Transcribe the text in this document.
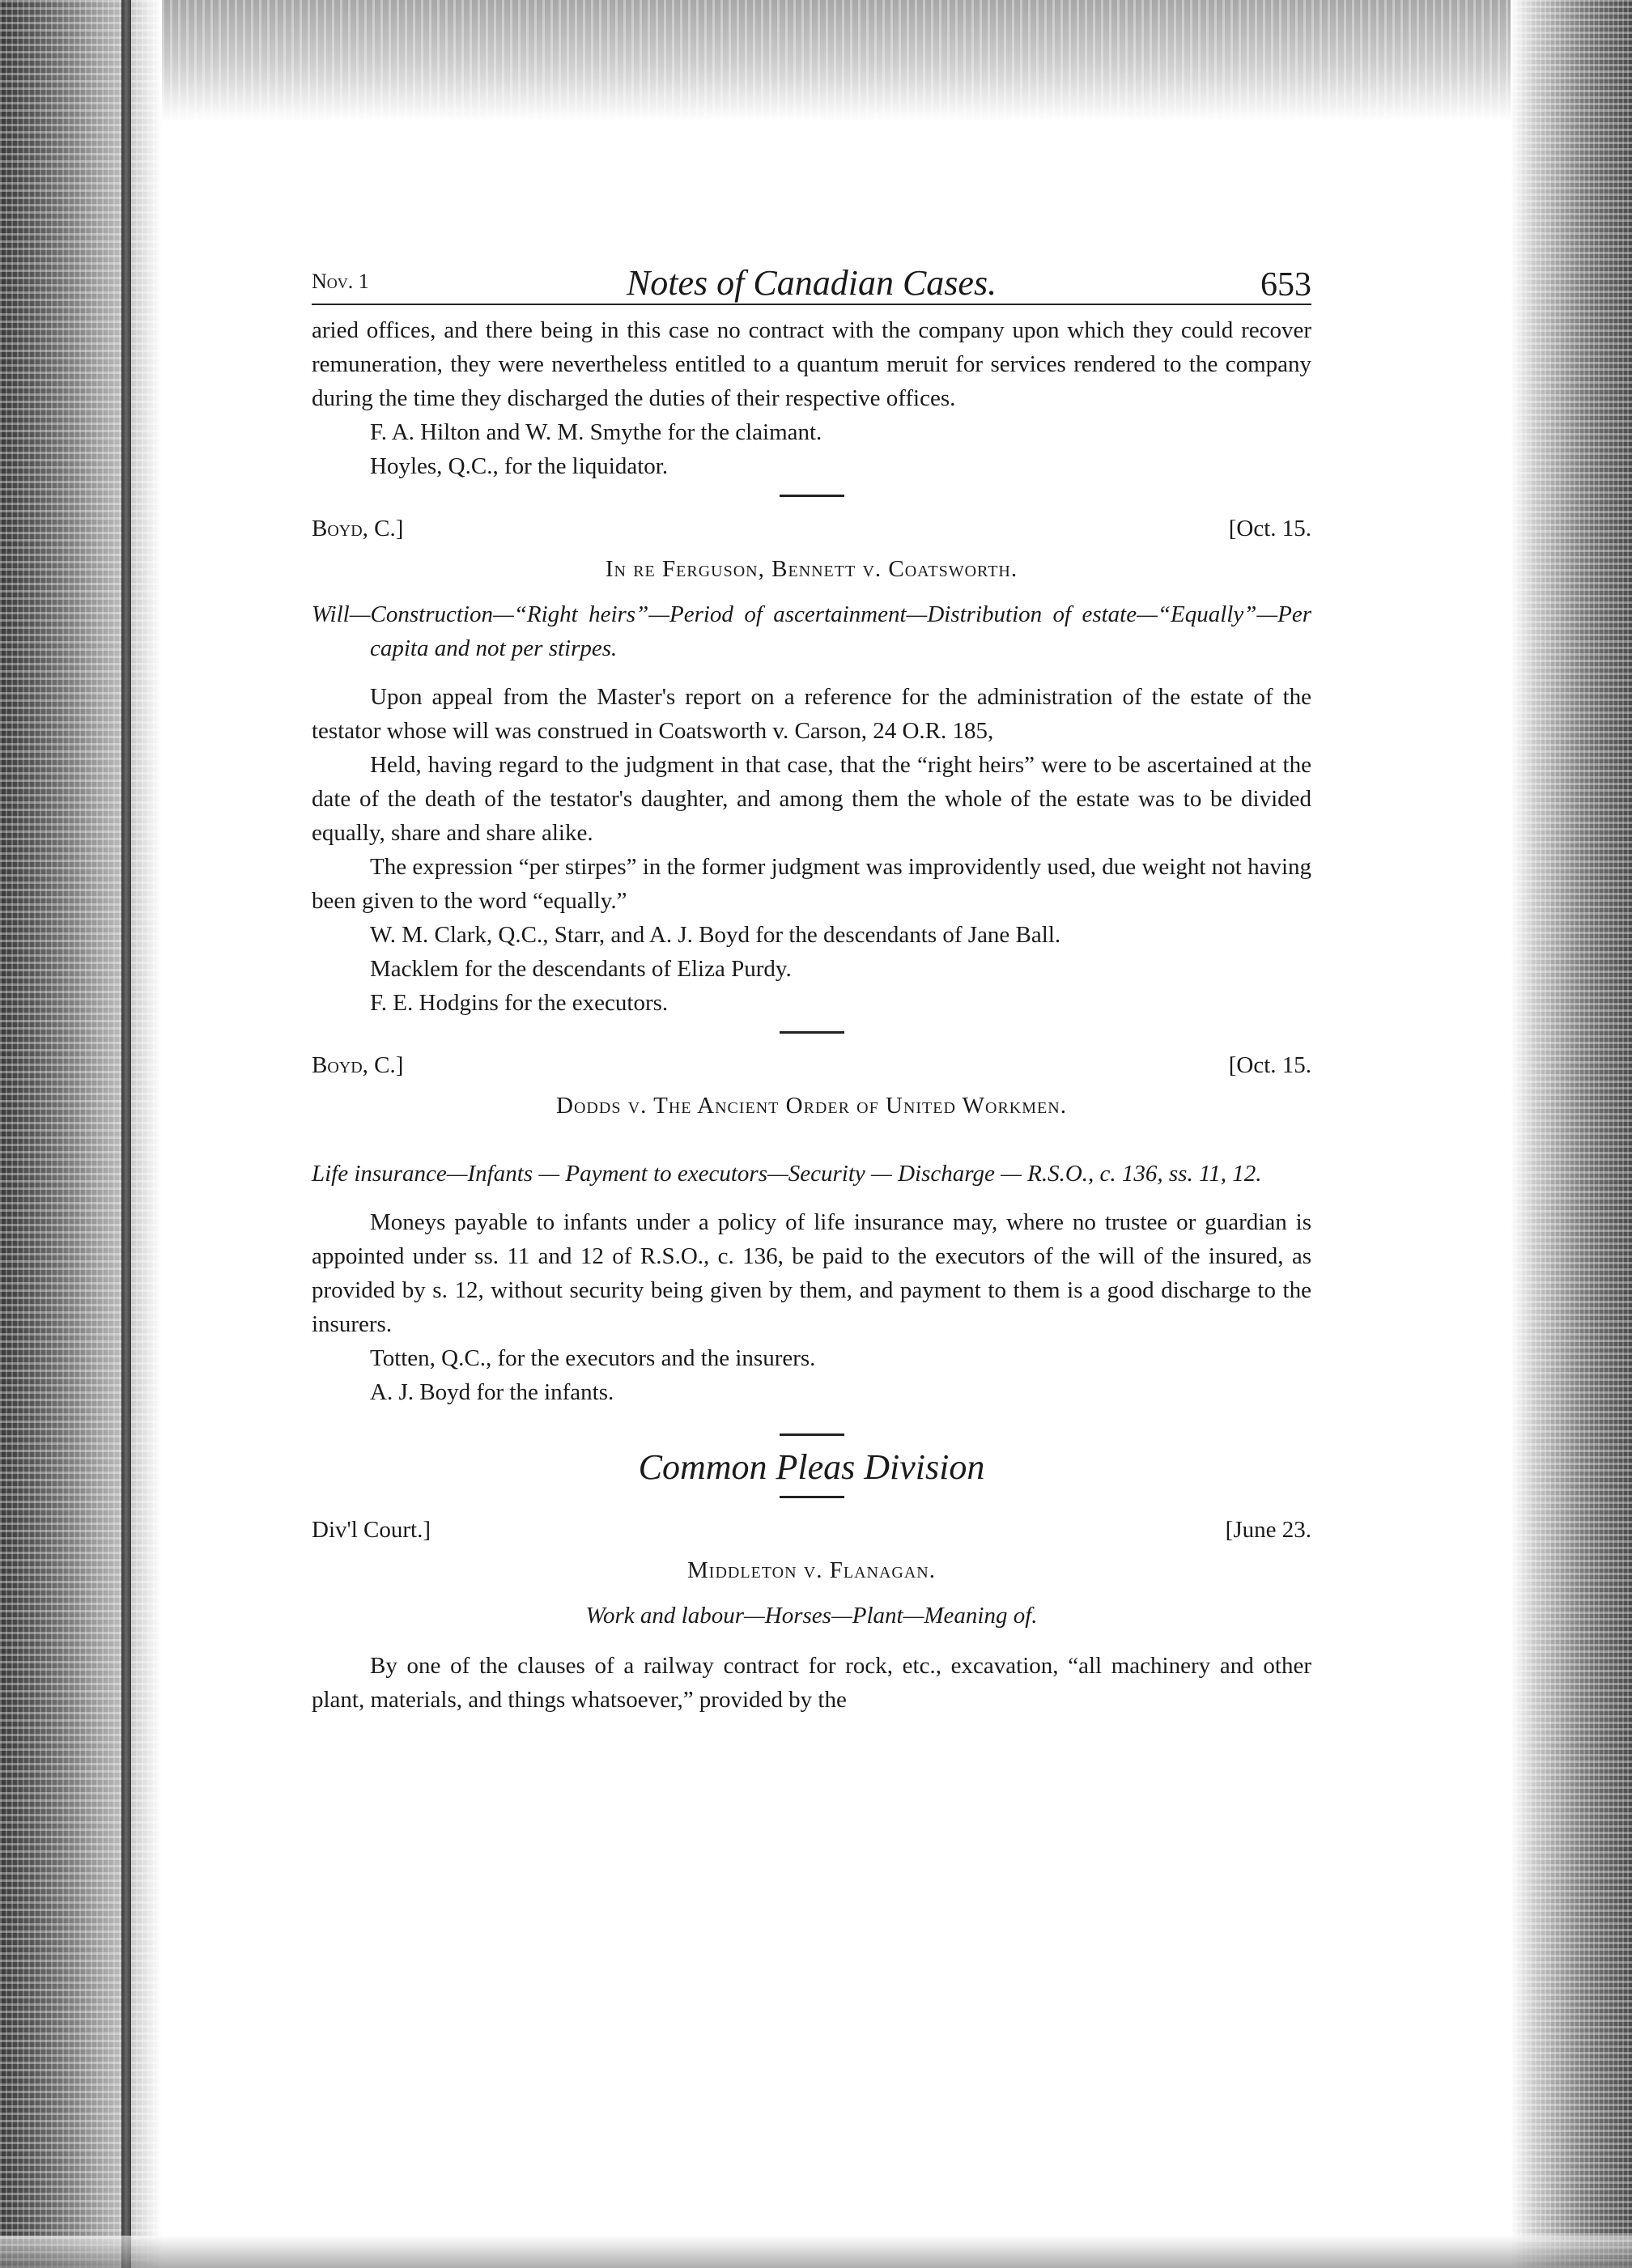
Nov. 1	Notes of Canadian Cases.	653

aried offices, and there being in this case no contract with the company upon which they could recover remuneration, they were nevertheless entitled to a quantum meruit for services rendered to the company during the time they discharged the duties of their respective offices.

F. A. Hilton and W. M. Smythe for the claimant.

Hoyles, Q.C., for the liquidator.

Boyd, C.]	[Oct. 15.
In re Ferguson, Bennett v. Coatsworth.

Will—Construction—“Right heirs”—Period of ascertainment—Distribution of estate—“Equally”—Per capita and not per stirpes.

Upon appeal from the Master's report on a reference for the administration of the estate of the testator whose will was construed in Coatsworth v. Carson, 24 O.R. 185,

Held, having regard to the judgment in that case, that the “right heirs” were to be ascertained at the date of the death of the testator's daughter, and among them the whole of the estate was to be divided equally, share and share alike.

The expression “per stirpes” in the former judgment was improvidently used, due weight not having been given to the word “equally.”

W. M. Clark, Q.C., Starr, and A. J. Boyd for the descendants of Jane Ball.

Macklem for the descendants of Eliza Purdy.

F. E. Hodgins for the executors.

Boyd, C.]	[Oct. 15.
Dodds v. The Ancient Order of United Workmen.

Life insurance—Infants — Payment to executors—Security — Discharge — R.S.O., c. 136, ss. 11, 12.

Moneys payable to infants under a policy of life insurance may, where no trustee or guardian is appointed under ss. 11 and 12 of R.S.O., c. 136, be paid to the executors of the will of the insured, as provided by s. 12, without security being given by them, and payment to them is a good discharge to the insurers.

Totten, Q.C., for the executors and the insurers.

A. J. Boyd for the infants.

Common Pleas Division
Div'l Court.]	[June 23.
Middleton v. Flanagan.

Work and labour—Horses—Plant—Meaning of.

By one of the clauses of a railway contract for rock, etc., excavation, “all machinery and other plant, materials, and things whatsoever,” provided by the
